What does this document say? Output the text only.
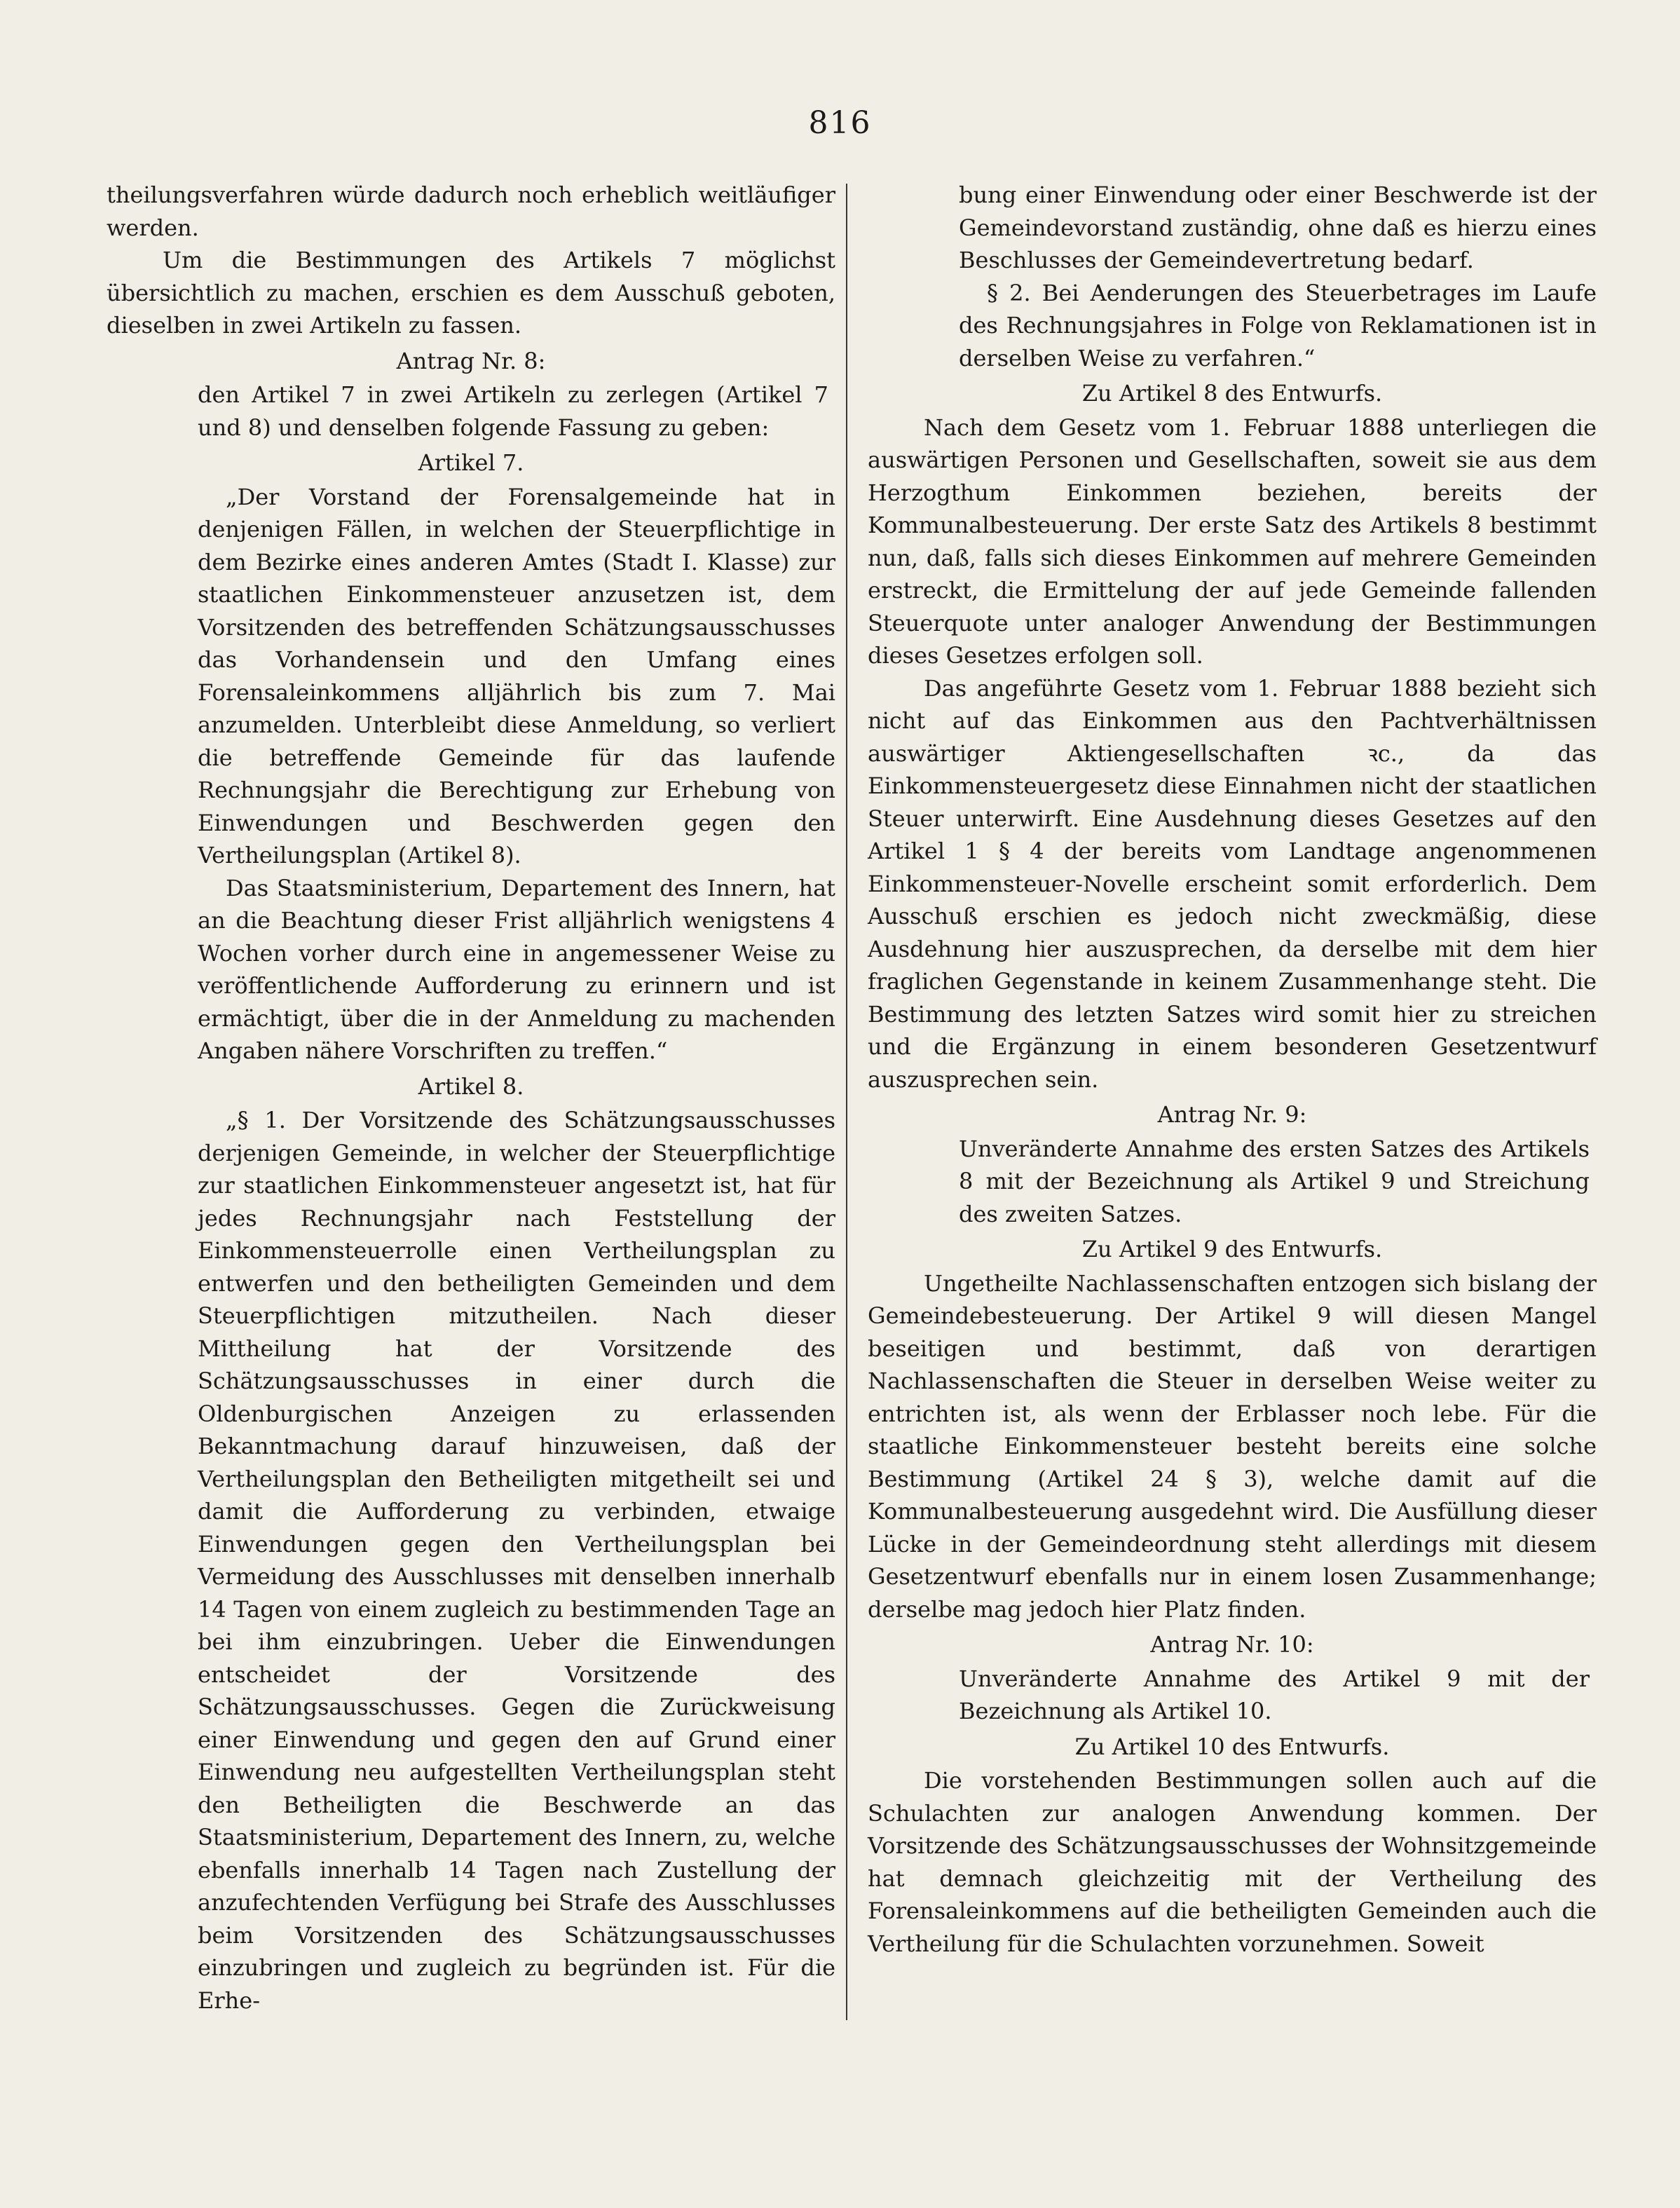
816

theilungsverfahren würde dadurch noch erheblich weitläufiger werden.

Um die Bestimmungen des Artikels 7 möglichst übersichtlich zu machen, erschien es dem Ausschuß geboten, dieselben in zwei Artikeln zu fassen.

Antrag Nr. 8:

den Artikel 7 in zwei Artikeln zu zerlegen (Artikel 7 und 8) und denselben folgende Fassung zu geben:

Artikel 7.

„Der Vorstand der Forensalgemeinde hat in denjenigen Fällen, in welchen der Steuerpflichtige in dem Bezirke eines anderen Amtes (Stadt I. Klasse) zur staatlichen Einkommensteuer anzusetzen ist, dem Vorsitzenden des betreffenden Schätzungsausschusses das Vorhandensein und den Umfang eines Forensaleinkommens alljährlich bis zum 7. Mai anzumelden. Unterbleibt diese Anmeldung, so verliert die betreffende Gemeinde für das laufende Rechnungsjahr die Berechtigung zur Erhebung von Einwendungen und Beschwerden gegen den Vertheilungsplan (Artikel 8).

Das Staatsministerium, Departement des Innern, hat an die Beachtung dieser Frist alljährlich wenigstens 4 Wochen vorher durch eine in angemessener Weise zu veröffentlichende Aufforderung zu erinnern und ist ermächtigt, über die in der Anmeldung zu machenden Angaben nähere Vorschriften zu treffen.“

Artikel 8.

„§ 1. Der Vorsitzende des Schätzungsausschusses derjenigen Gemeinde, in welcher der Steuerpflichtige zur staatlichen Einkommensteuer angesetzt ist, hat für jedes Rechnungsjahr nach Feststellung der Einkommensteuerrolle einen Vertheilungsplan zu entwerfen und den betheiligten Gemeinden und dem Steuerpflichtigen mitzutheilen. Nach dieser Mittheilung hat der Vorsitzende des Schätzungsausschusses in einer durch die Oldenburgischen Anzeigen zu erlassenden Bekanntmachung darauf hinzuweisen, daß der Vertheilungsplan den Betheiligten mitgetheilt sei und damit die Aufforderung zu verbinden, etwaige Einwendungen gegen den Vertheilungsplan bei Vermeidung des Ausschlusses mit denselben innerhalb 14 Tagen von einem zugleich zu bestimmenden Tage an bei ihm einzubringen. Ueber die Einwendungen entscheidet der Vorsitzende des Schätzungsausschusses. Gegen die Zurückweisung einer Einwendung und gegen den auf Grund einer Einwendung neu aufgestellten Vertheilungsplan steht den Betheiligten die Beschwerde an das Staatsministerium, Departement des Innern, zu, welche ebenfalls innerhalb 14 Tagen nach Zustellung der anzufechtenden Verfügung bei Strafe des Ausschlusses beim Vorsitzenden des Schätzungsausschusses einzubringen und zugleich zu begründen ist. Für die Erhe-

bung einer Einwendung oder einer Beschwerde ist der Gemeindevorstand zuständig, ohne daß es hierzu eines Beschlusses der Gemeindevertretung bedarf.

§ 2. Bei Aenderungen des Steuerbetrages im Laufe des Rechnungsjahres in Folge von Reklamationen ist in derselben Weise zu verfahren.“

Zu Artikel 8 des Entwurfs.

Nach dem Gesetz vom 1. Februar 1888 unterliegen die auswärtigen Personen und Gesellschaften, soweit sie aus dem Herzogthum Einkommen beziehen, bereits der Kommunalbesteuerung. Der erste Satz des Artikels 8 bestimmt nun, daß, falls sich dieses Einkommen auf mehrere Gemeinden erstreckt, die Ermittelung der auf jede Gemeinde fallenden Steuerquote unter analoger Anwendung der Bestimmungen dieses Gesetzes erfolgen soll.

Das angeführte Gesetz vom 1. Februar 1888 bezieht sich nicht auf das Einkommen aus den Pachtverhältnissen auswärtiger Aktiengesellschaften ꝛc., da das Einkommensteuergesetz diese Einnahmen nicht der staatlichen Steuer unterwirft. Eine Ausdehnung dieses Gesetzes auf den Artikel 1 § 4 der bereits vom Landtage angenommenen Einkommensteuer-Novelle erscheint somit erforderlich. Dem Ausschuß erschien es jedoch nicht zweckmäßig, diese Ausdehnung hier auszusprechen, da derselbe mit dem hier fraglichen Gegenstande in keinem Zusammenhange steht. Die Bestimmung des letzten Satzes wird somit hier zu streichen und die Ergänzung in einem besonderen Gesetzentwurf auszusprechen sein.

Antrag Nr. 9:

Unveränderte Annahme des ersten Satzes des Artikels 8 mit der Bezeichnung als Artikel 9 und Streichung des zweiten Satzes.

Zu Artikel 9 des Entwurfs.

Ungetheilte Nachlassenschaften entzogen sich bislang der Gemeindebesteuerung. Der Artikel 9 will diesen Mangel beseitigen und bestimmt, daß von derartigen Nachlassenschaften die Steuer in derselben Weise weiter zu entrichten ist, als wenn der Erblasser noch lebe. Für die staatliche Einkommensteuer besteht bereits eine solche Bestimmung (Artikel 24 § 3), welche damit auf die Kommunalbesteuerung ausgedehnt wird. Die Ausfüllung dieser Lücke in der Gemeindeordnung steht allerdings mit diesem Gesetzentwurf ebenfalls nur in einem losen Zusammenhange; derselbe mag jedoch hier Platz finden.

Antrag Nr. 10:

Unveränderte Annahme des Artikel 9 mit der Bezeichnung als Artikel 10.

Zu Artikel 10 des Entwurfs.

Die vorstehenden Bestimmungen sollen auch auf die Schulachten zur analogen Anwendung kommen. Der Vorsitzende des Schätzungsausschusses der Wohnsitzgemeinde hat demnach gleichzeitig mit der Vertheilung des Forensaleinkommens auf die betheiligten Gemeinden auch die Vertheilung für die Schulachten vorzunehmen. Soweit
